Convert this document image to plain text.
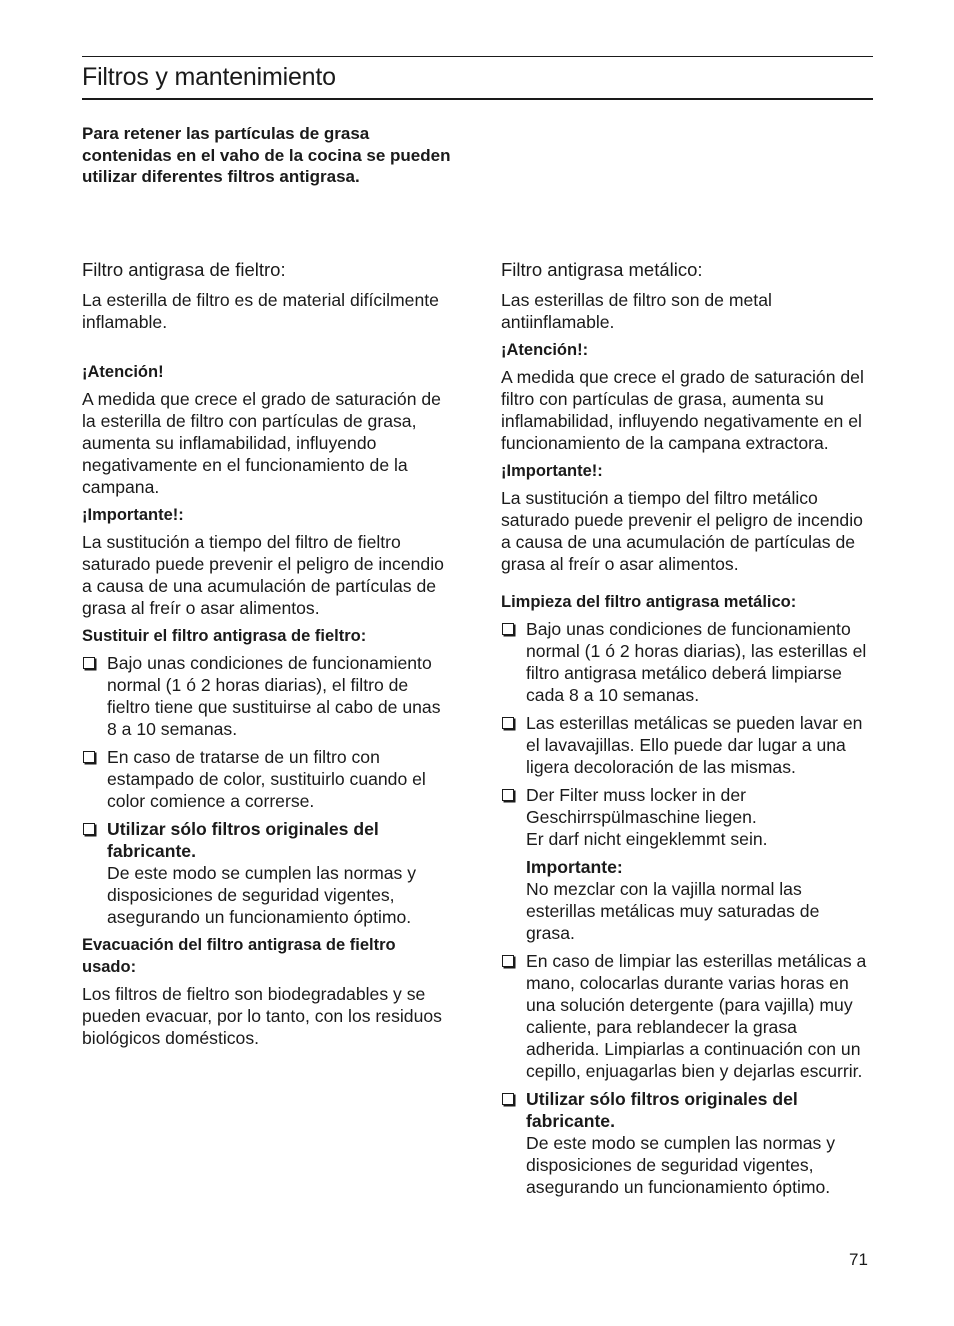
Filtros y mantenimiento
Para retener las partículas de grasa contenidas en el vaho de la cocina se pueden utilizar diferentes filtros antigrasa.
Filtro antigrasa de fieltro:
La esterilla de filtro es de material difícilmente inflamable.
¡Atención!
A medida que crece el grado de saturación de la esterilla de filtro con partículas de grasa, aumenta su inflamabilidad, influyendo negativamente en el funcionamiento de la campana.
¡Importante!:
La sustitución a tiempo del filtro de fieltro saturado puede prevenir el peligro de incendio a causa de una acumulación de partículas de grasa al freír o asar alimentos.
Sustituir el filtro antigrasa de fieltro:
Bajo unas condiciones de funcionamiento normal (1 ó 2 horas diarias), el filtro de fieltro tiene que sustituirse al cabo de unas 8 a 10 semanas.
En caso de tratarse de un filtro con estampado de color, sustituirlo cuando el color comience a correrse.
Utilizar sólo filtros originales del fabricante.
De este modo se cumplen las normas y disposiciones de seguridad vigentes, asegurando un funcionamiento óptimo.
Evacuación del filtro antigrasa de fieltro usado:
Los filtros de fieltro son biodegradables y se pueden evacuar, por lo tanto, con los residuos biológicos domésticos.
Filtro antigrasa metálico:
Las esterillas de filtro son de metal antiinflamable.
¡Atención!:
A medida que crece el grado de saturación del filtro con partículas de grasa, aumenta su inflamabilidad, influyendo negativamente en el funcionamiento de la campana extractora.
¡Importante!:
La sustitución a tiempo del filtro metálico saturado puede prevenir el peligro de incendio a causa de una acumulación de partículas de grasa al freír o asar alimentos.
Limpieza del filtro antigrasa metálico:
Bajo unas condiciones de funcionamiento normal (1 ó 2 horas diarias), las esterillas el filtro antigrasa metálico deberá limpiarse cada 8 a 10 semanas.
Las esterillas metálicas se pueden lavar en el lavavajillas. Ello puede dar lugar a una ligera decoloración de las mismas.
Der Filter muss locker in der Geschirrspülmaschine liegen.
Er darf nicht eingeklemmt sein.
Importante:
No mezclar con la vajilla normal las esterillas metálicas muy saturadas de grasa.
En caso de limpiar las esterillas metálicas a mano, colocarlas durante varias horas en una solución detergente (para vajilla) muy caliente, para reblandecer la grasa adherida. Limpiarlas a continuación con un cepillo, enjuagarlas bien y dejarlas escurrir.
Utilizar sólo filtros originales del fabricante.
De este modo se cumplen las normas y disposiciones de seguridad vigentes, asegurando un funcionamiento óptimo.
71
